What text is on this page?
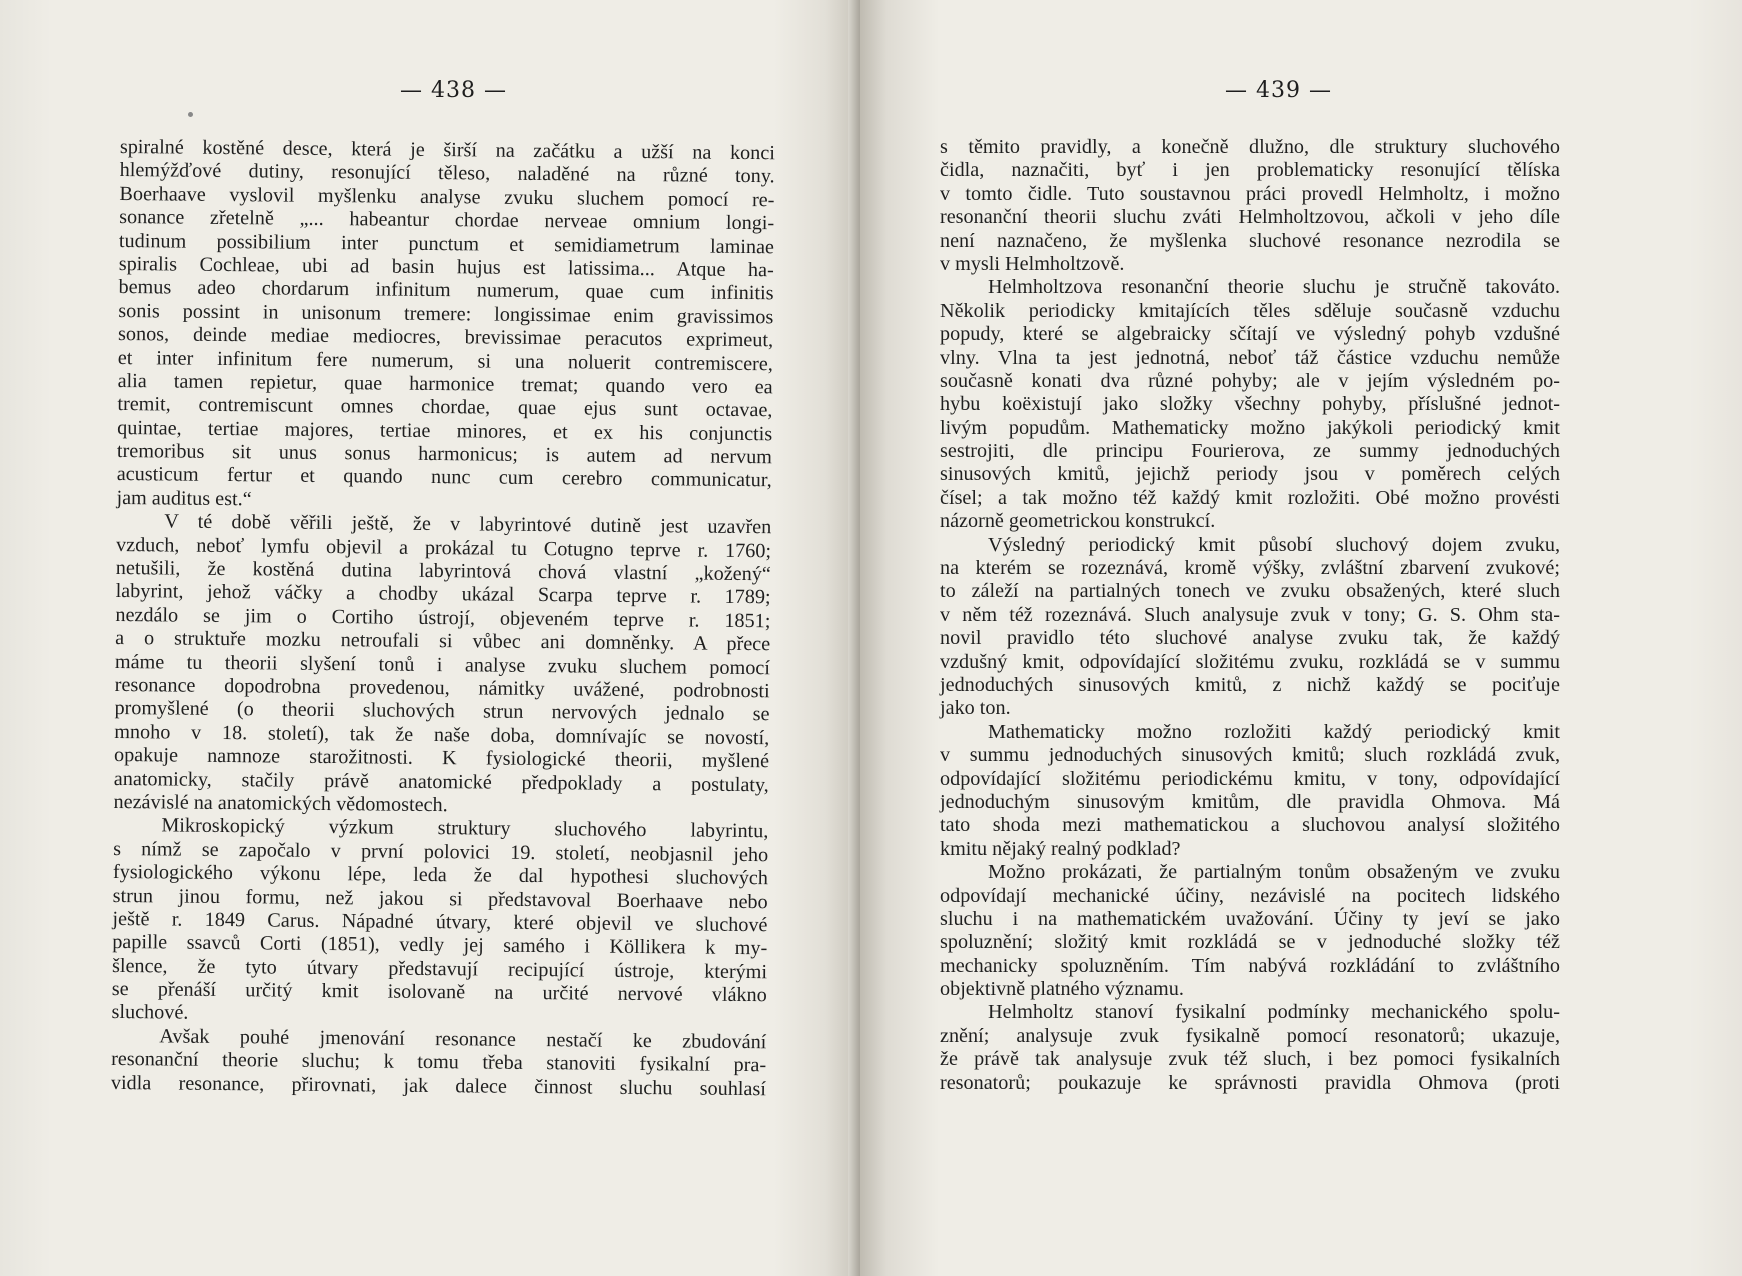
— 438 —
spiralné kostěné desce, která je širší na začátku a užší na konci
hlemýžďové dutiny, resonující těleso, naladěné na různé tony.
Boerhaave vyslovil myšlenku analyse zvuku sluchem pomocí re-
sonance zřetelně „... habeantur chordae nerveae omnium longi-
tudinum possibilium inter punctum et semidiametrum laminae
spiralis Cochleae, ubi ad basin hujus est latissima... Atque ha-
bemus adeo chordarum infinitum numerum, quae cum infinitis
sonis possint in unisonum tremere: longissimae enim gravissimos
sonos, deinde mediae mediocres, brevissimae peracutos exprimeut,
et inter infinitum fere numerum, si una noluerit contremiscere,
alia tamen repietur, quae harmonice tremat; quando vero ea
tremit, contremiscunt omnes chordae, quae ejus sunt octavae,
quintae, tertiae majores, tertiae minores, et ex his conjunctis
tremoribus sit unus sonus harmonicus; is autem ad nervum
acusticum fertur et quando nunc cum cerebro communicatur,
jam auditus est.“
V té době věřili ještě, že v labyrintové dutině jest uzavřen
vzduch, neboť lymfu objevil a prokázal tu Cotugno teprve r. 1760;
netušili, že kostěná dutina labyrintová chová vlastní „kožený“
labyrint, jehož váčky a chodby ukázal Scarpa teprve r. 1789;
nezdálo se jim o Cortiho ústrojí, objeveném teprve r. 1851;
a o struktuře mozku netroufali si vůbec ani domněnky. A přece
máme tu theorii slyšení tonů i analyse zvuku sluchem pomocí
resonance dopodrobna provedenou, námitky uvážené, podrobnosti
promyšlené (o theorii sluchových strun nervových jednalo se
mnoho v 18. století), tak že naše doba, domnívajíc se novostí,
opakuje namnoze starožitnosti. K fysiologické theorii, myšlené
anatomicky, stačily právě anatomické předpoklady a postulaty,
nezávislé na anatomických vědomostech.
Mikroskopický výzkum struktury sluchového labyrintu,
s nímž se započalo v první polovici 19. století, neobjasnil jeho
fysiologického výkonu lépe, leda že dal hypothesi sluchových
strun jinou formu, než jakou si představoval Boerhaave nebo
ještě r. 1849 Carus. Nápadné útvary, které objevil ve sluchové
papille ssavců Corti (1851), vedly jej samého i Köllikera k my-
šlence, že tyto útvary představují recipující ústroje, kterými
se přenáší určitý kmit isolovaně na určité nervové vlákno
sluchové.
Avšak pouhé jmenování resonance nestačí ke zbudování
resonanční theorie sluchu; k tomu třeba stanoviti fysikalní pra-
vidla resonance, přirovnati, jak dalece činnost sluchu souhlasí
— 439 —
s těmito pravidly, a konečně dlužno, dle struktury sluchového
čidla, naznačiti, byť i jen problematicky resonující tělíska
v tomto čidle. Tuto soustavnou práci provedl Helmholtz, i možno
resonanční theorii sluchu zváti Helmholtzovou, ačkoli v jeho díle
není naznačeno, že myšlenka sluchové resonance nezrodila se
v mysli Helmholtzově.
Helmholtzova resonanční theorie sluchu je stručně takováto.
Několik periodicky kmitajících těles sděluje současně vzduchu
popudy, které se algebraicky sčítají ve výsledný pohyb vzdušné
vlny. Vlna ta jest jednotná, neboť táž částice vzduchu nemůže
současně konati dva různé pohyby; ale v jejím výsledném po-
hybu koëxistují jako složky všechny pohyby, příslušné jednot-
livým popudům. Mathematicky možno jakýkoli periodický kmit
sestrojiti, dle principu Fourierova, ze summy jednoduchých
sinusových kmitů, jejichž periody jsou v poměrech celých
čísel; a tak možno též každý kmit rozložiti. Obé možno provésti
názorně geometrickou konstrukcí.
Výsledný periodický kmit působí sluchový dojem zvuku,
na kterém se rozeznává, kromě výšky, zvláštní zbarvení zvukové;
to záleží na partialných tonech ve zvuku obsažených, které sluch
v něm též rozeznává. Sluch analysuje zvuk v tony; G. S. Ohm sta-
novil pravidlo této sluchové analyse zvuku tak, že každý
vzdušný kmit, odpovídající složitému zvuku, rozkládá se v summu
jednoduchých sinusových kmitů, z nichž každý se pociťuje
jako ton.
Mathematicky možno rozložiti každý periodický kmit
v summu jednoduchých sinusových kmitů; sluch rozkládá zvuk,
odpovídající složitému periodickému kmitu, v tony, odpovídající
jednoduchým sinusovým kmitům, dle pravidla Ohmova. Má
tato shoda mezi mathematickou a sluchovou analysí složitého
kmitu nějaký realný podklad?
Možno prokázati, že partialným tonům obsaženým ve zvuku
odpovídají mechanické účiny, nezávislé na pocitech lidského
sluchu i na mathematickém uvažování. Účiny ty jeví se jako
spoluznění; složitý kmit rozkládá se v jednoduché složky též
mechanicky spoluzněním. Tím nabývá rozkládání to zvláštního
objektivně platného významu.
Helmholtz stanoví fysikalní podmínky mechanického spolu-
znění; analysuje zvuk fysikalně pomocí resonatorů; ukazuje,
že právě tak analysuje zvuk též sluch, i bez pomoci fysikalních
resonatorů; poukazuje ke správnosti pravidla Ohmova (proti
